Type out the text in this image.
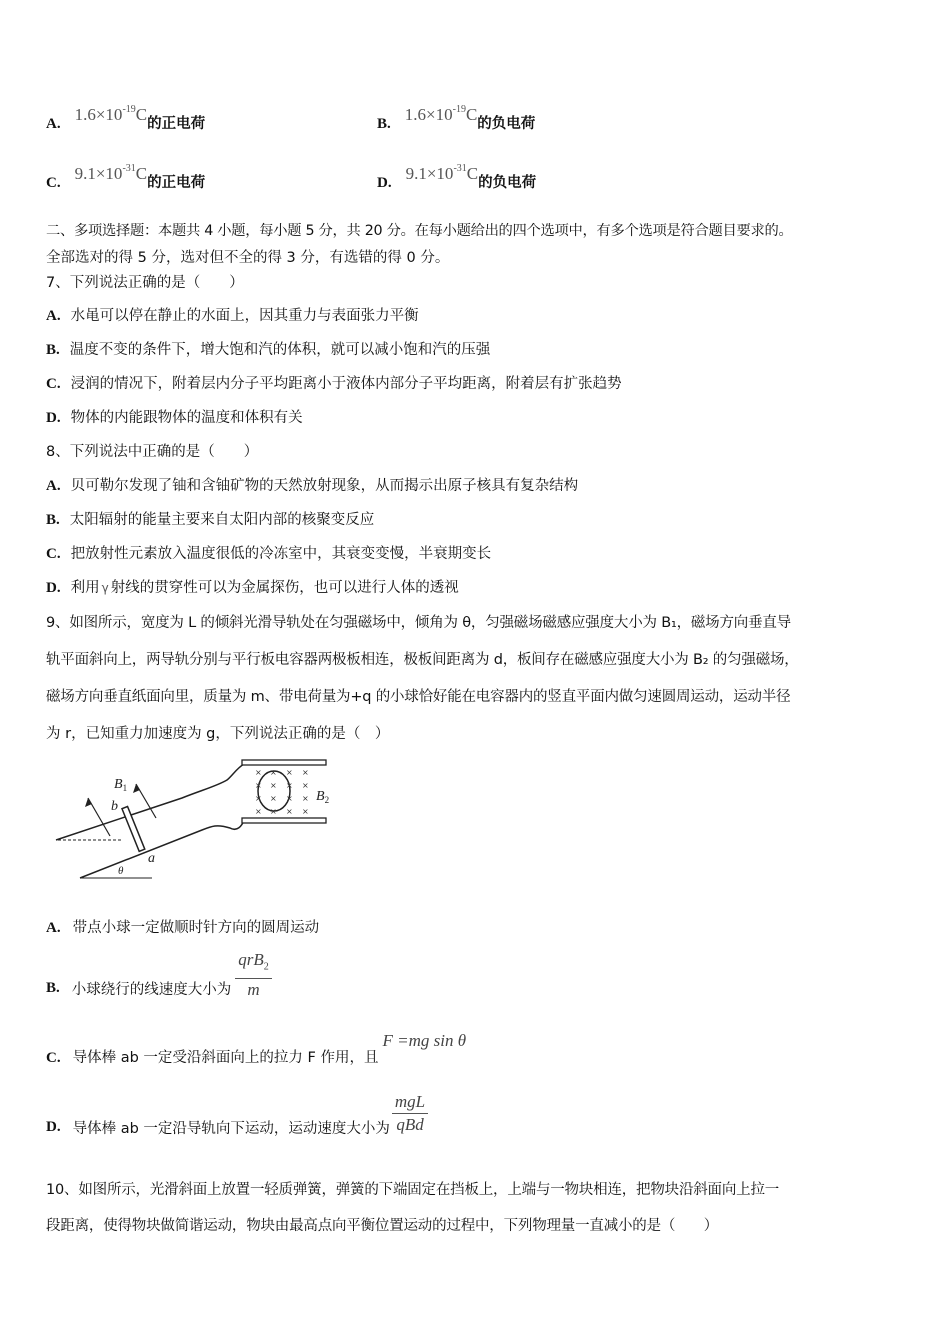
A. $1.6\times 10^{-19}C$ 的正电荷	B. $1.6\times 10^{-19}C$ 的负电荷
C. $9.1\times 10^{-31}C$ 的正电荷	D. $9.1\times 10^{-31}C$ 的负电荷
二、多项选择题：本题共 4 小题，每小题 5 分，共 20 分。在每小题给出的四个选项中，有多个选项是符合题目要求的。
全部选对的得 5 分，选对但不全的得 3 分，有选错的得 0 分。
7、下列说法正确的是（　　）
A. 水黾可以停在静止的水面上，因其重力与表面张力平衡
B. 温度不变的条件下，增大饱和汽的体积，就可以减小饱和汽的压强
C. 浸润的情况下，附着层内分子平均距离小于液体内部分子平均距离，附着层有扩张趋势
D. 物体的内能跟物体的温度和体积有关
8、下列说法中正确的是（　　）
A. 贝可勒尔发现了铀和含铀矿物的天然放射现象，从而揭示出原子核具有复杂结构
B. 太阳辐射的能量主要来自太阳内部的核聚变反应
C. 把放射性元素放入温度很低的冷冻室中，其衰变变慢，半衰期变长
D. 利用 γ 射线的贯穿性可以为金属探伤，也可以进行人体的透视
9、如图所示，宽度为 L 的倾斜光滑导轨处在匀强磁场中，倾角为 θ，匀强磁场磁感应强度大小为 B₁，磁场方向垂直导
轨平面斜向上，两导轨分别与平行板电容器两极板相连，极板间距离为 d，板间存在磁感应强度大小为 B₂ 的匀强磁场，
磁场方向垂直纸面向里，质量为 m、带电荷量为+q 的小球恰好能在电容器内的竖直平面内做匀速圆周运动，运动半径
为 r，已知重力加速度为 g，下列说法正确的是（　）
× × × ×
× × × ×
× × × ×
× × × ×
$B_1$
$B_2$
b
a
θ
A. 带点小球一定做顺时针方向的圆周运动
B. 小球绕行的线速度大小为 $\frac{qrB_2}{m}$
C. 导体棒 ab 一定受沿斜面向上的拉力 F 作用，且
F =mg sin θ
D. 导体棒 ab 一定沿导轨向下运动，运动速度大小为 $\frac{\text{mgL}}{\text{qBd}}$
10、如图所示，光滑斜面上放置一轻质弹簧，弹簧的下端固定在挡板上，上端与一物块相连，把物块沿斜面向上拉一
段距离，使得物块做简谐运动，物块由最高点向平衡位置运动的过程中，下列物理量一直减小的是（　　）
